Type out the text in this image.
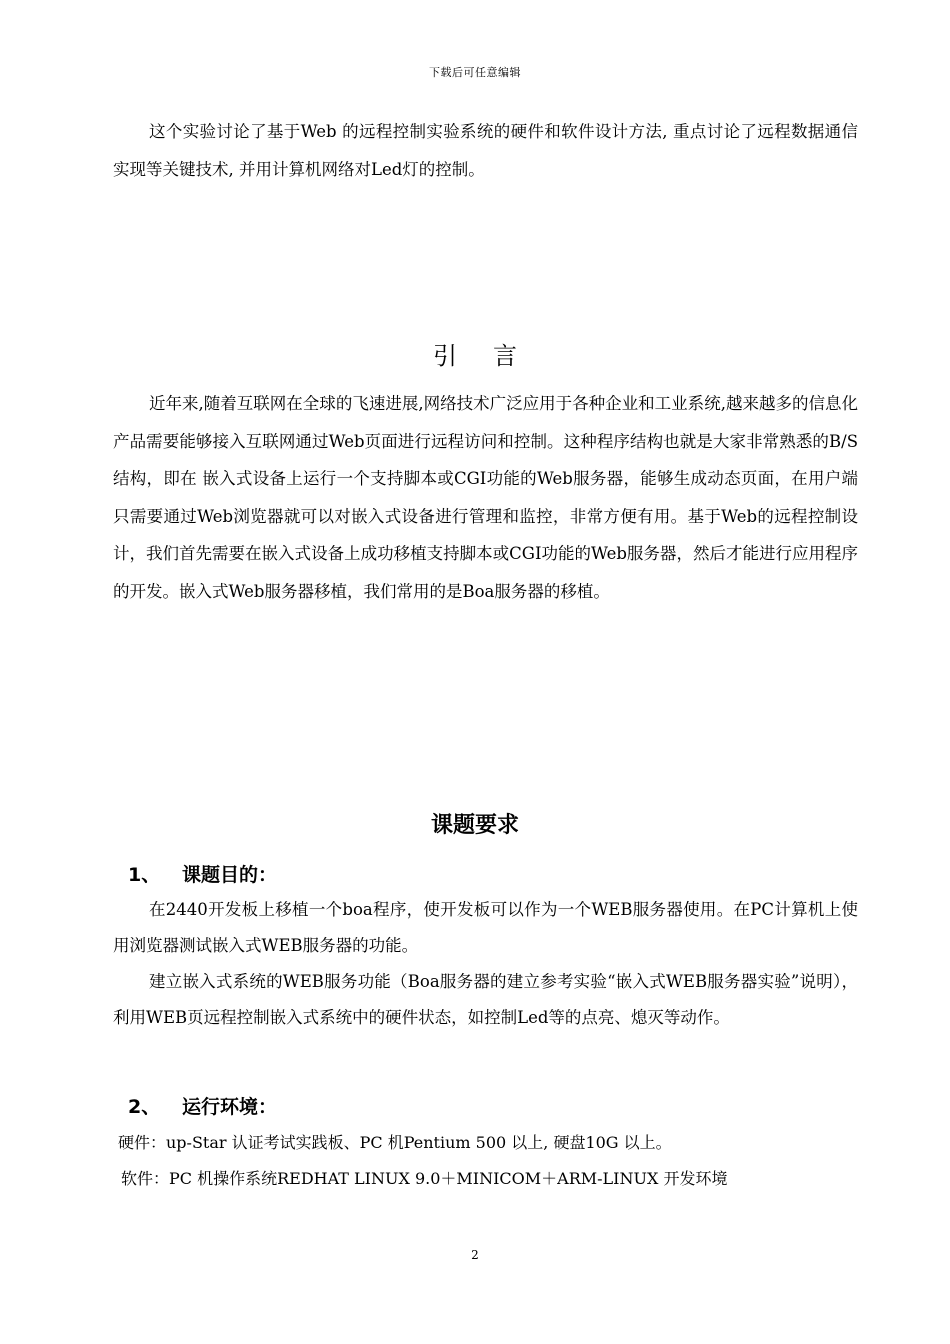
下载后可任意编辑
这个实验讨论了基于Web 的远程控制实验系统的硬件和软件设计方法, 重点讨论了远程数据通信实现等关键技术, 并用计算机网络对Led灯的控制。
引言
近年来,随着互联网在全球的飞速进展,网络技术广泛应用于各种企业和工业系统,越来越多的信息化产品需要能够接入互联网通过Web页面进行远程访问和控制。这种程序结构也就是大家非常熟悉的B/S结构，即在 嵌入式设备上运行一个支持脚本或CGI功能的Web服务器，能够生成动态页面，在用户端只需要通过Web浏览器就可以对嵌入式设备进行管理和监控，非常方便有用。基于Web的远程控制设计，我们首先需要在嵌入式设备上成功移植支持脚本或CGI功能的Web服务器，然后才能进行应用程序的开发。嵌入式Web服务器移植，我们常用的是Boa服务器的移植。
课题要求
1、	课题目的：
在2440开发板上移植一个boa程序，使开发板可以作为一个WEB服务器使用。在PC计算机上使用浏览器测试嵌入式WEB服务器的功能。
建立嵌入式系统的WEB服务功能（Boa服务器的建立参考实验“嵌入式WEB服务器实验”说明），利用WEB页远程控制嵌入式系统中的硬件状态，如控制Led等的点亮、熄灭等动作。
2、	运行环境：
硬件：up-Star 认证考试实践板、PC 机Pentium 500 以上, 硬盘10G 以上。
软件：PC 机操作系统REDHAT LINUX 9.0＋MINICOM＋ARM-LINUX 开发环境
2
